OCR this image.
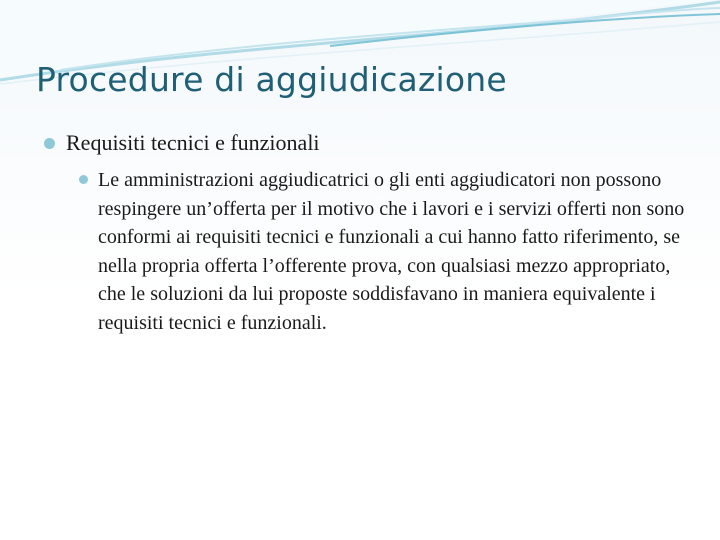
Procedure di aggiudicazione
Requisiti tecnici e funzionali
Le amministrazioni aggiudicatrici o gli enti aggiudicatori non possono respingere un’offerta per il motivo che i lavori e i servizi offerti non sono conformi ai requisiti tecnici e funzionali a cui hanno fatto riferimento, se nella propria offerta l’offerente prova, con qualsiasi mezzo appropriato, che le soluzioni da lui proposte soddisfavano in maniera equivalente i requisiti tecnici e funzionali.
